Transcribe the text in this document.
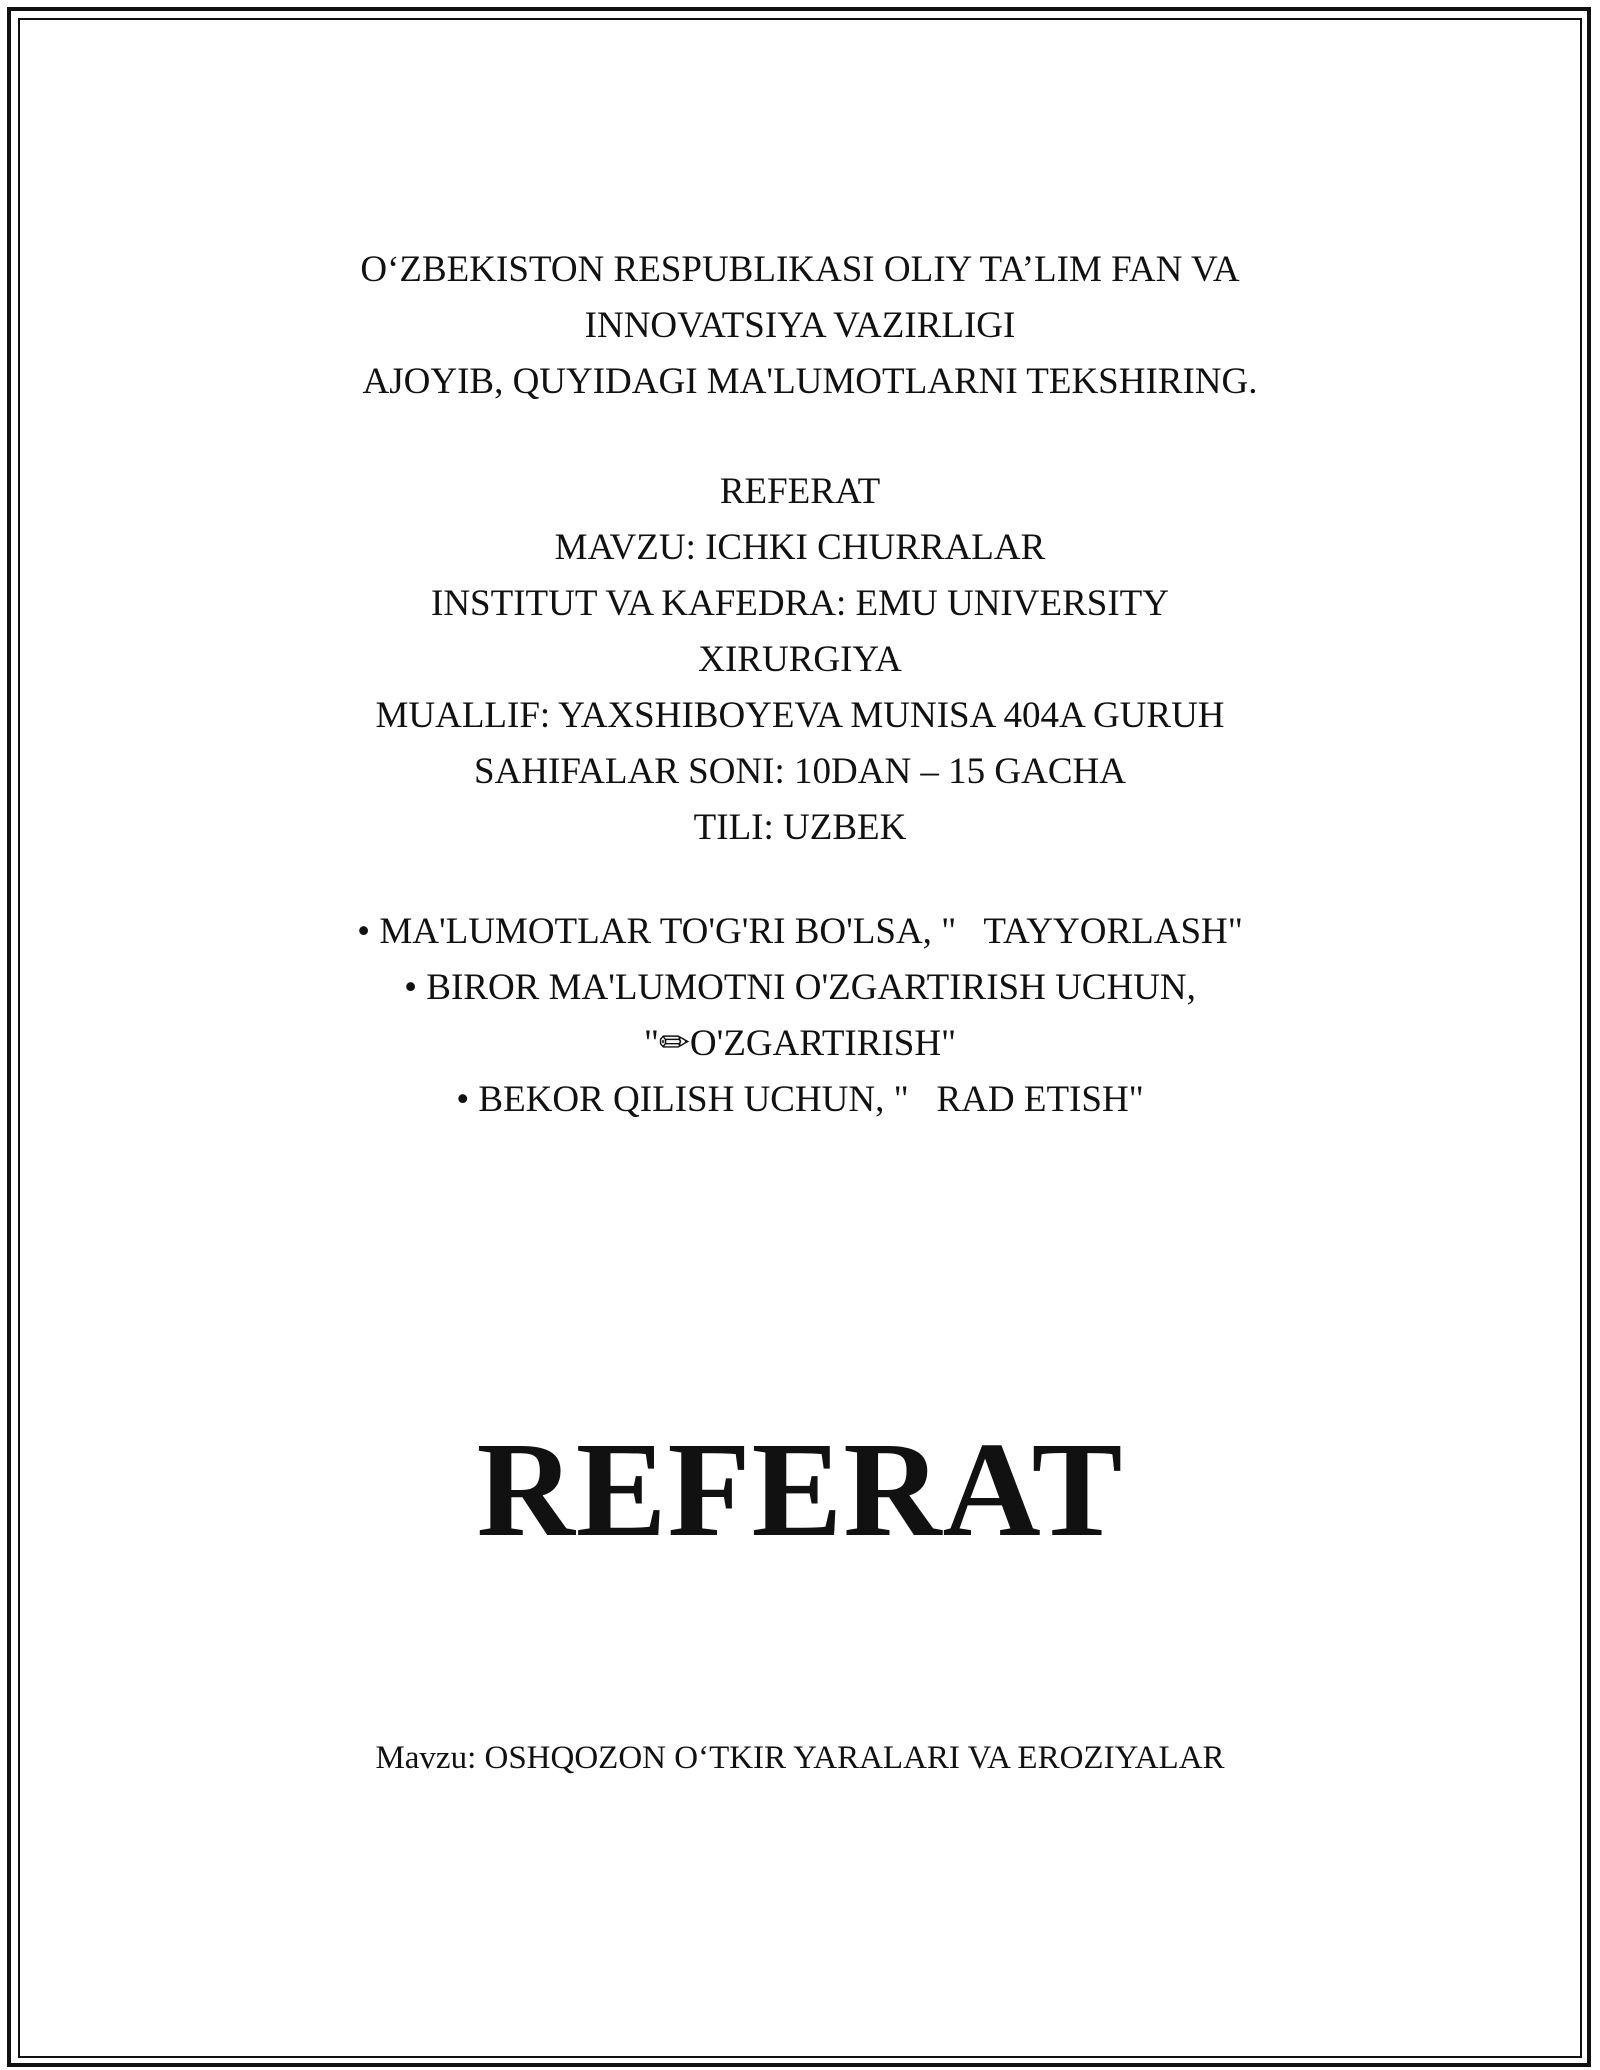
O‘ZBEKISTON RESPUBLIKASI OLIY TA’LIM FAN VA
INNOVATSIYA VAZIRLIGI
AJOYIB, QUYIDAGI MA'LUMOTLARNI TEKSHIRING.
REFERAT
MAVZU: ICHKI CHURRALAR
INSTITUT VA KAFEDRA: EMU UNIVERSITY
XIRURGIYA
MUALLIF: YAXSHIBOYEVA MUNISA 404A GURUH
SAHIFALAR SONI: 10DAN – 15 GACHA
TILI: UZBEK
• MA'LUMOTLAR TO'G'RI BO'LSA, "   TAYYORLASH"
• BIROR MA'LUMOTNI O'ZGARTIRISH UCHUN,
"✏O'ZGARTIRISH"
• BEKOR QILISH UCHUN, "   RAD ETISH"
REFERAT
Mavzu: OSHQOZON O‘TKIR YARALARI VA EROZIYALAR
